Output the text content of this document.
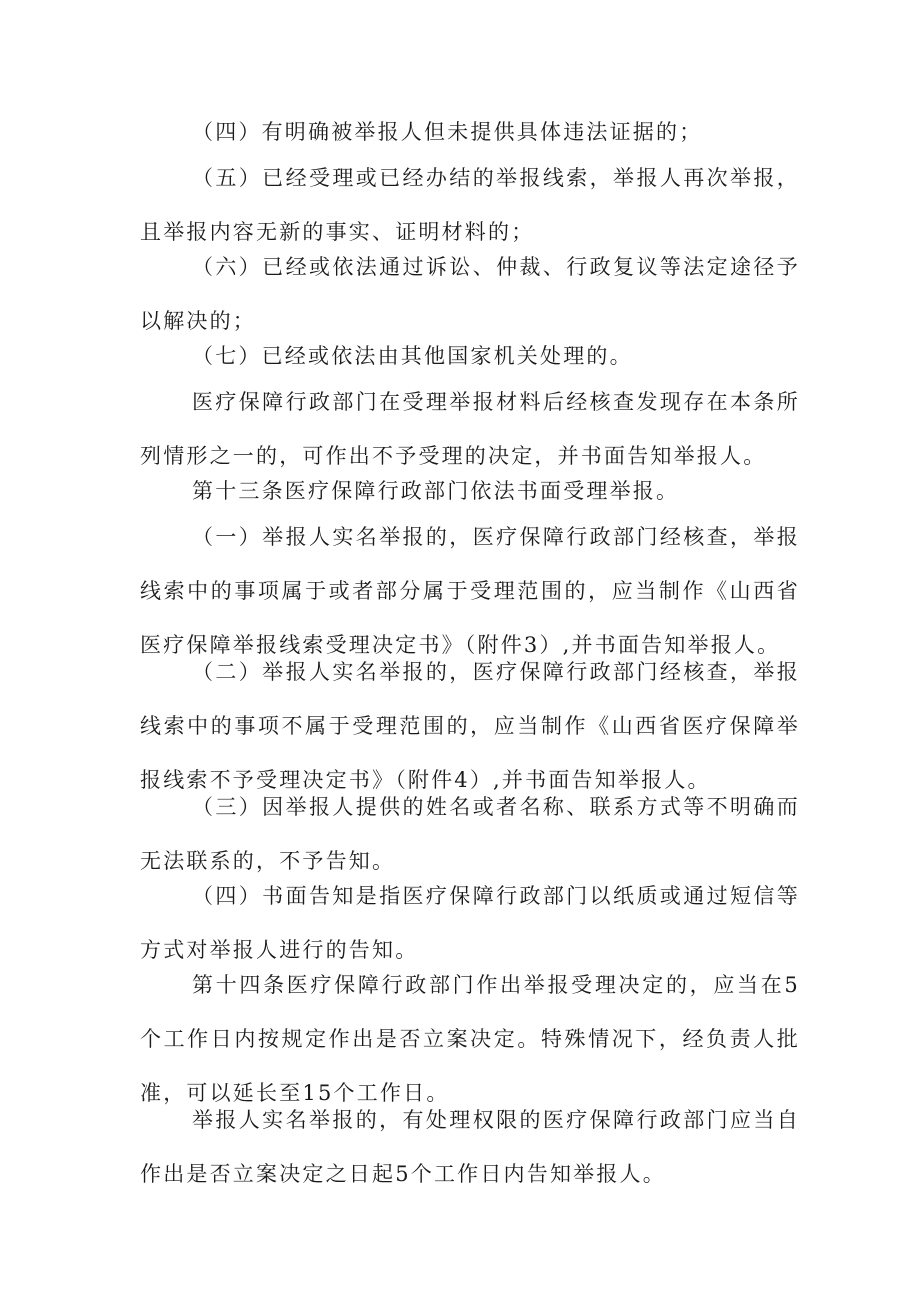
（四）有明确被举报人但未提供具体违法证据的；

（五）已经受理或已经办结的举报线索，举报人再次举报，且举报内容无新的事实、证明材料的；

（六）已经或依法通过诉讼、仲裁、行政复议等法定途径予以解决的；

（七）已经或依法由其他国家机关处理的。

医疗保障行政部门在受理举报材料后经核查发现存在本条所列情形之一的，可作出不予受理的决定，并书面告知举报人。

第十三条医疗保障行政部门依法书面受理举报。

（一）举报人实名举报的，医疗保障行政部门经核查，举报线索中的事项属于或者部分属于受理范围的，应当制作《山西省医疗保障举报线索受理决定书》（附件3）,并书面告知举报人。

（二）举报人实名举报的，医疗保障行政部门经核查，举报线索中的事项不属于受理范围的，应当制作《山西省医疗保障举报线索不予受理决定书》（附件4）,并书面告知举报人。

（三）因举报人提供的姓名或者名称、联系方式等不明确而无法联系的，不予告知。

（四）书面告知是指医疗保障行政部门以纸质或通过短信等方式对举报人进行的告知。

第十四条医疗保障行政部门作出举报受理决定的，应当在5个工作日内按规定作出是否立案决定。特殊情况下，经负责人批准，可以延长至15个工作日。

举报人实名举报的，有处理权限的医疗保障行政部门应当自作出是否立案决定之日起5个工作日内告知举报人。
